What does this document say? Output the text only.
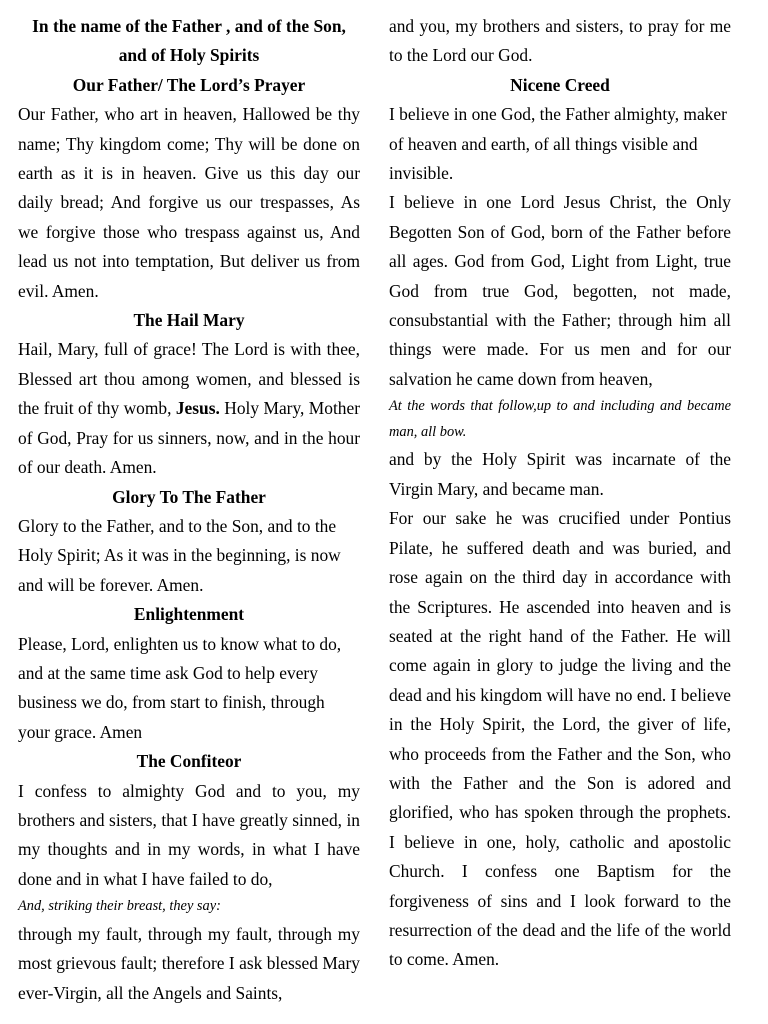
In the name of the Father , and of the Son, and of Holy Spirits
Our Father/ The Lord’s Prayer

Our Father, who art in heaven, Hallowed be thy name; Thy kingdom come; Thy will be done on earth as it is in heaven. Give us this day our daily bread; And forgive us our trespasses, As we forgive those who trespass against us, And lead us not into temptation, But deliver us from evil. Amen.

The Hail Mary

Hail, Mary, full of grace! The Lord is with thee, Blessed art thou among women, and blessed is the fruit of thy womb, Jesus. Holy Mary, Mother of God, Pray for us sinners, now, and in the hour of our death. Amen.

Glory To The Father

Glory to the Father, and to the Son, and to the Holy Spirit; As it was in the beginning, is now and will be forever. Amen.

Enlightenment

Please, Lord, enlighten us to know what to do, and at the same time ask God to help every business we do, from start to finish, through your grace. Amen

The Confiteor

I confess to almighty God and to you, my brothers and sisters, that I have greatly sinned, in my thoughts and in my words, in what I have done and in what I have failed to do,

And, striking their breast, they say:

through my fault, through my fault, through my most grievous fault; therefore I ask blessed Mary ever-Virgin, all the Angels and Saints,

and you, my brothers and sisters, to pray for me to the Lord our God.

Nicene Creed

I believe in one God, the Father almighty, maker of heaven and earth, of all things visible and invisible.

I believe in one Lord Jesus Christ, the Only Begotten Son of God, born of the Father before all ages. God from God, Light from Light, true God from true God, begotten, not made, consubstantial with the Father; through him all things were made. For us men and for our salvation he came down from heaven,

At the words that follow,up to and including and became man, all bow.

and by the Holy Spirit was incarnate of the Virgin Mary, and became man.

For our sake he was crucified under Pontius Pilate, he suffered death and was buried, and rose again on the third day in accordance with the Scriptures. He ascended into heaven and is seated at the right hand of the Father. He will come again in glory to judge the living and the dead and his kingdom will have no end. I believe in the Holy Spirit, the Lord, the giver of life, who proceeds from the Father and the Son, who with the Father and the Son is adored and glorified, who has spoken through the prophets. I believe in one, holy, catholic and apostolic Church. I confess one Baptism for the forgiveness of sins and I look forward to the resurrection of the dead and the life of the world to come. Amen.
